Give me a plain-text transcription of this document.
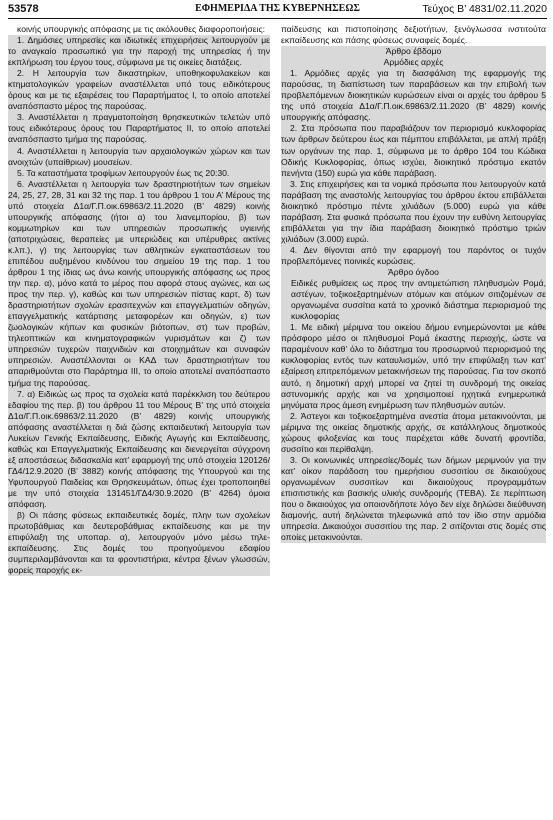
53578	ΕΦΗΜΕΡΙΔΑ ΤΗΣ ΚΥΒΕΡΝΗΣΕΩΣ	Τεύχος Β’ 4831/02.11.2020

κοινής υπουργικής απόφασης με τις ακόλουθες διαφοροποιήσεις:

1. Δημόσιες υπηρεσίες και ιδιωτικές επιχειρήσεις λειτουργούν με το αναγκαίο προσωπικό για την παροχή της υπηρεσίας ή την εκπλήρωση του έργου τους, σύμφωνα με τις οικείες διατάξεις.

2. Η λειτουργία των δικαστηρίων, υποθηκοφυλακείων και κτηματολογικών γραφείων αναστέλλεται υπό τους ειδικότερους όρους και με τις εξαιρέσεις του Παραρτήματος Ι, το οποίο αποτελεί αναπόσπαστο μέρος της παρούσας.

3. Αναστέλλεται η πραγματοποίηση θρησκευτικών τελετών υπό τους ειδικότερους όρους του Παραρτήματος ΙΙ, το οποίο αποτελεί αναπόσπαστο τμήμα της παρούσας.

4. Αναστέλλεται η λειτουργία των αρχαιολογικών χώρων και των ανοιχτών (υπαίθριων) μουσείων.

5. Τα καταστήματα τροφίμων λειτουργούν έως τις 20:30.

6. Αναστέλλεται η λειτουργία των δραστηριοτήτων των σημείων 24, 25, 27, 28, 31 και 32 της παρ. 1 του άρθρου 1 του Α’ Μέρους της υπό στοιχεία Δ1α/Γ.Π.οικ.69863/2.11.2020 (Β’ 4829) κοινής υπουργικής απόφασης (ήτοι α) του λιανεμπορίου, β) των κομμωτηρίων και των υπηρεσιών προσωπικής υγιεινής (αποτριχώσεις, θεραπείες με υπεριώδεις και υπέρυθρες ακτίνες κ.λπ.), γ) της λειτουργίας των αθλητικών εγκαταστάσεων του επιπέδου αυξημένου κινδύνου του σημείου 19 της παρ. 1 του άρθρου 1 της ίδιας ως άνω κοινής υπουργικής απόφασης ως προς την περ. α), μόνο κατά το μέρος που αφορά στους αγώνες, και ως προς την περ. γ), καθώς και των υπηρεσιών πίστας καρτ, δ) των δραστηριοτήτων σχολών ερασιτεχνών και επαγγελματιών οδηγών, επαγγελματικής κατάρτισης μεταφορέων και οδηγών, ε) των ζωολογικών κήπων και φυσικών βιότοπων, στ) των προβών, τηλεοπτικών και κινηματογραφικών γυρισμάτων και ζ) των υπηρεσιών τυχερών παιχνιδιών και στοιχημάτων και συναφών υπηρεσιών. Αναστέλλονται οι ΚΑΔ των δραστηριοτήτων του απαριθμούνται στο Παράρτημα ΙΙΙ, το οποίο αποτελεί αναπόσπαστο τμήμα της παρούσας.

7. α) Ειδικώς ως προς τα σχολεία κατά παρέκκλιση του δεύτερου εδαφίου της περ. β) του άρθρου 11 του Μέρους Β’ της υπό στοιχεία Δ1α/Γ.Π.οικ.69863/2.11.2020 (Β’ 4829) κοινής υπουργικής απόφασης αναστέλλεται η διά ζώσης εκπαιδευτική λειτουργία των Λυκείων Γενικής Εκπαίδευσης, Ειδικής Αγωγής και Εκπαίδευσης, καθώς και Επαγγελματικής Εκπαίδευσης και διενεργείται σύγχρονη εξ αποστάσεως διδασκαλία κατ’ εφαρμογή της υπό στοιχεία 120126/ΓΔ4/12.9.2020 (Β’ 3882) κοινής απόφασης της Υπουργού και της Υφυπουργού Παιδείας και Θρησκευμάτων, όπως έχει τροποποιηθεί με την υπό στοιχεία 131451/ΓΔ4/30.9.2020 (Β’ 4264) όμοια απόφαση.

β) Οι πάσης φύσεως εκπαιδευτικές δομές, πλην των σχολείων πρωτοβάθμιας και δευτεροβάθμιας εκπαίδευσης και με την επιφύλαξη της υποπαρ. α), λειτουργούν μόνο μέσω τηλε-εκπαίδευσης. Στις δομές του προηγούμενου εδαφίου συμπεριλαμβάνονται και τα φροντιστήρια, κέντρα ξένων γλωσσών, φορείς παροχής εκ-

παίδευσης και πιστοποίησης δεξιοτήτων, ξενόγλωσσα ινστιτούτα εκπαίδευσης και πάσης φύσεως συναφείς δομές.

Άρθρο έβδομο

Αρμόδιες αρχές

1. Αρμόδιες αρχές για τη διασφάλιση της εφαρμογής της παρούσας, τη διαπίστωση των παραβάσεων και την επιβολή των προβλεπόμενων διοικητικών κυρώσεων είναι οι αρχές του άρθρου 5 της υπό στοιχεία Δ1α/Γ.Π.οικ.69863/2.11.2020 (Β’ 4829) κοινής υπουργικής απόφασης.

2. Στα πρόσωπα που παραβιάζουν τον περιορισμό κυκλοφορίας των άρθρων δεύτερου έως και πέμπτου επιβάλλεται, με απλή πράξη των οργάνων της παρ. 1, σύμφωνα με το άρθρο 104 του Κώδικα Οδικής Κυκλοφορίας, όπως ισχύει, διοικητικό πρόστιμο εκατόν πενήντα (150) ευρώ για κάθε παράβαση.

3. Στις επιχειρήσεις και τα νομικά πρόσωπα που λειτουργούν κατά παράβαση της αναστολής λειτουργίας του άρθρου έκτου επιβάλλεται διοικητικό πρόστιμο πέντε χιλιάδων (5.000) ευρώ για κάθε παράβαση. Στα φυσικά πρόσωπα που έχουν την ευθύνη λειτουργίας επιβάλλεται για την ίδια παράβαση διοικητικό πρόστιμο τριών χιλιάδων (3.000) ευρώ.

4. Δεν θίγονται από την εφαρμογή του παρόντος οι τυχόν προβλεπόμενες ποινικές κυρώσεις.

Άρθρο όγδοο

Ειδικές ρυθμίσεις ως προς την αντιμετώπιση πληθυσμών Ρομά, αστέγων, τοξικοεξαρτημένων ατόμων και ατόμων σιτιζομένων σε οργανωμένα συσσίτια κατά το χρονικό διάστημα περιορισμού της κυκλοφορίας

1. Με ειδική μέριμνα του οικείου δήμου ενημερώνονται με κάθε πρόσφορο μέσο οι πληθυσμοί Ρομά έκαστης περιοχής, ώστε να παραμένουν καθ’ όλο το διάστημα του προσωρινού περιορισμού της κυκλοφορίας εντός των καταυλισμών, υπό την επιφύλαξη των κατ’ εξαίρεση επιτρεπόμενων μετακινήσεων της παρούσας. Για τον σκοπό αυτό, η δημοτική αρχή μπορεί να ζητεί τη συνδρομή της οικείας αστυνομικής αρχής και να χρησιμοποιεί ηχητικά ενημερωτικά μηνύματα προς άμεση ενημέρωση των πληθυσμών αυτών.

2. Άστεγοι και τοξικοεξαρτημένα ανεστία άτομα μετακινούνται, με μέριμνα της οικείας δημοτικής αρχής, σε κατάλληλους δημοτικούς χώρους φιλοξενίας και τους παρέχεται κάθε δυνατή φροντίδα, συσσίτιο και περίθαλψη.

3. Οι κοινωνικές υπηρεσίες/δομές των δήμων μεριμνούν για την κατ’ οίκον παράδοση του ημερήσιου συσσιτίου σε δικαιούχους οργανωμένων συσσιτίων και δικαιούχους προγραμμάτων επισιτιστικής και βασικής υλικής συνδρομής (ΤΕΒΑ). Σε περίπτωση που ο δικαιούχος για οποιονδήποτε λόγο δεν είχε δηλώσει διεύθυνση διαμονής, αυτή δηλώνεται τηλεφωνικά από τον ίδιο στην αρμόδια υπηρεσία. Δικαιούχοι συσσιτίου της παρ. 2 σιτίζονται στις δομές στις οποίες μετακινούνται.
